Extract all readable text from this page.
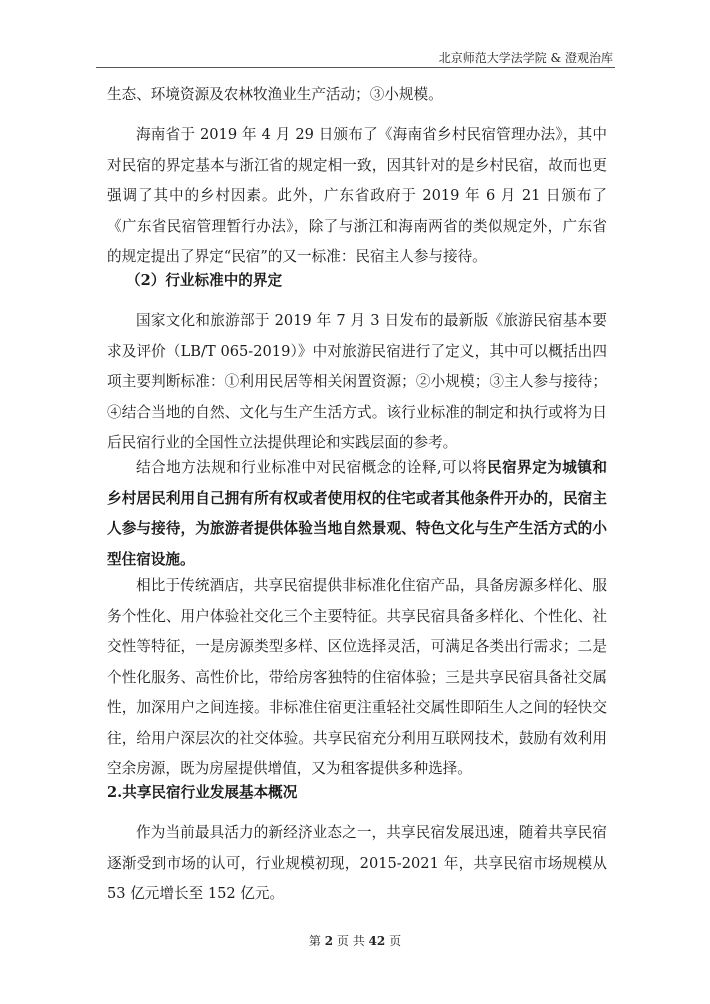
北京师范大学法学院 & 澄观治库

生态、环境资源及农林牧渔业生产活动；③小规模。

海南省于 2019 年 4 月 29 日颁布了《海南省乡村民宿管理办法》，其中对民宿的界定基本与浙江省的规定相一致，因其针对的是乡村民宿，故而也更强调了其中的乡村因素。此外，广东省政府于 2019 年 6 月 21 日颁布了《广东省民宿管理暂行办法》，除了与浙江和海南两省的类似规定外，广东省的规定提出了界定“民宿”的又一标准：民宿主人参与接待。

（2）行业标准中的界定

国家文化和旅游部于 2019 年 7 月 3 日发布的最新版《旅游民宿基本要求及评价（LB/T 065-2019）》中对旅游民宿进行了定义，其中可以概括出四项主要判断标准：①利用民居等相关闲置资源；②小规模；③主人参与接待；④结合当地的自然、文化与生产生活方式。该行业标准的制定和执行或将为日后民宿行业的全国性立法提供理论和实践层面的参考。

结合地方法规和行业标准中对民宿概念的诠释,可以将民宿界定为城镇和乡村居民利用自己拥有所有权或者使用权的住宅或者其他条件开办的，民宿主人参与接待，为旅游者提供体验当地自然景观、特色文化与生产生活方式的小型住宿设施。

相比于传统酒店，共享民宿提供非标准化住宿产品，具备房源多样化、服务个性化、用户体验社交化三个主要特征。共享民宿具备多样化、个性化、社交性等特征，一是房源类型多样、区位选择灵活，可满足各类出行需求；二是个性化服务、高性价比，带给房客独特的住宿体验；三是共享民宿具备社交属性，加深用户之间连接。非标准住宿更注重轻社交属性即陌生人之间的轻快交往，给用户深层次的社交体验。共享民宿充分利用互联网技术，鼓励有效利用空余房源，既为房屋提供增值，又为租客提供多种选择。

2.共享民宿行业发展基本概况

作为当前最具活力的新经济业态之一，共享民宿发展迅速，随着共享民宿逐渐受到市场的认可，行业规模初现，2015-2021 年，共享民宿市场规模从 53 亿元增长至 152 亿元。

第 2 页 共 42 页
